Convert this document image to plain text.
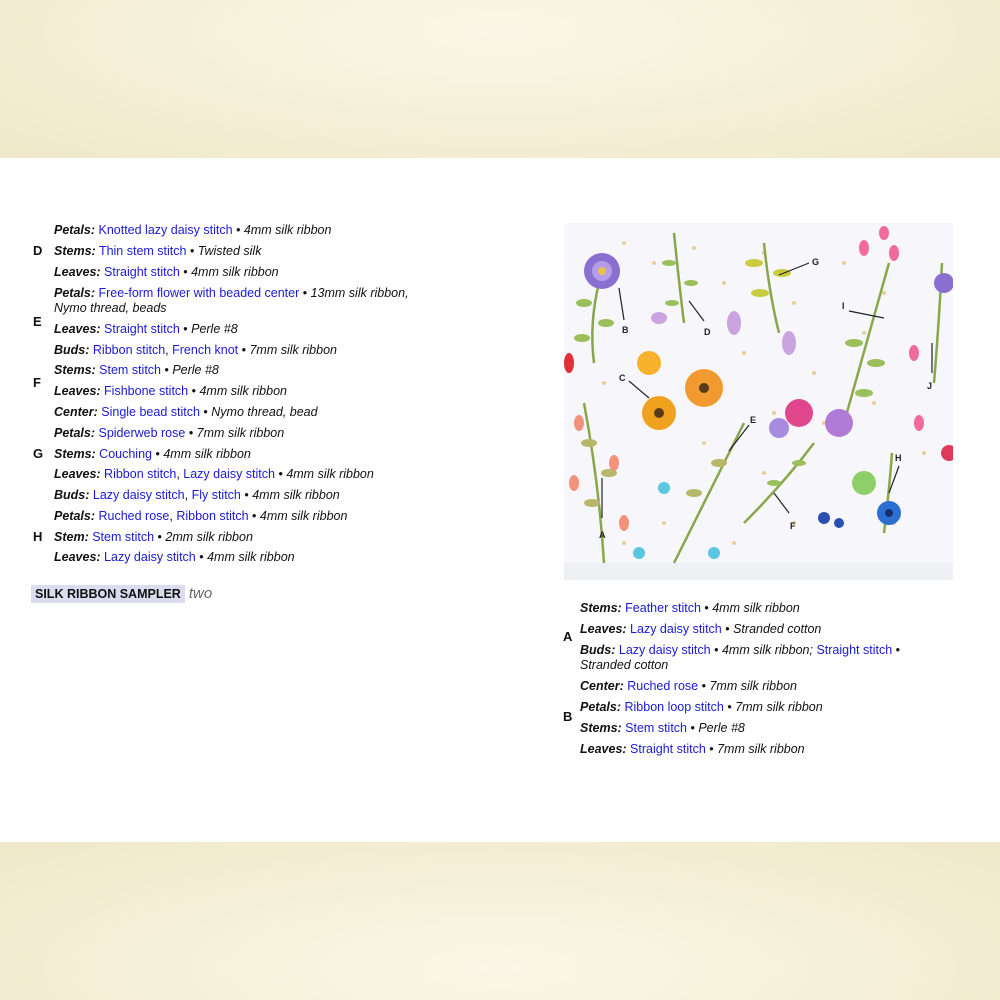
D
E
F
G
H
Petals: Knotted lazy daisy stitch • 4mm silk ribbon
Stems: Thin stem stitch • Twisted silk
Leaves: Straight stitch • 4mm silk ribbon
Petals: Free-form flower with beaded center • 13mm silk ribbon,
Nymo thread, beads
Leaves: Straight stitch • Perle #8
Buds: Ribbon stitch, French knot • 7mm silk ribbon
Stems: Stem stitch • Perle #8
Leaves: Fishbone stitch • 4mm silk ribbon
Center: Single bead stitch • Nymo thread, bead
Petals: Spiderweb rose • 7mm silk ribbon
Stems: Couching • 4mm silk ribbon
Leaves: Ribbon stitch, Lazy daisy stitch • 4mm silk ribbon
Buds: Lazy daisy stitch, Fly stitch • 4mm silk ribbon
Petals: Ruched rose, Ribbon stitch • 4mm silk ribbon
Stem: Stem stitch • 2mm silk ribbon
Leaves: Lazy daisy stitch • 4mm silk ribbon
SILK RIBBON SAMPLER two
B	D
C
E
G
I
J
A
F
H
A
B
Stems: Feather stitch • 4mm silk ribbon
Leaves: Lazy daisy stitch • Stranded cotton
Buds: Lazy daisy stitch • 4mm silk ribbon; Straight stitch •
Stranded cotton
Center: Ruched rose • 7mm silk ribbon
Petals: Ribbon loop stitch • 7mm silk ribbon
Stems: Stem stitch • Perle #8
Leaves: Straight stitch • 7mm silk ribbon
